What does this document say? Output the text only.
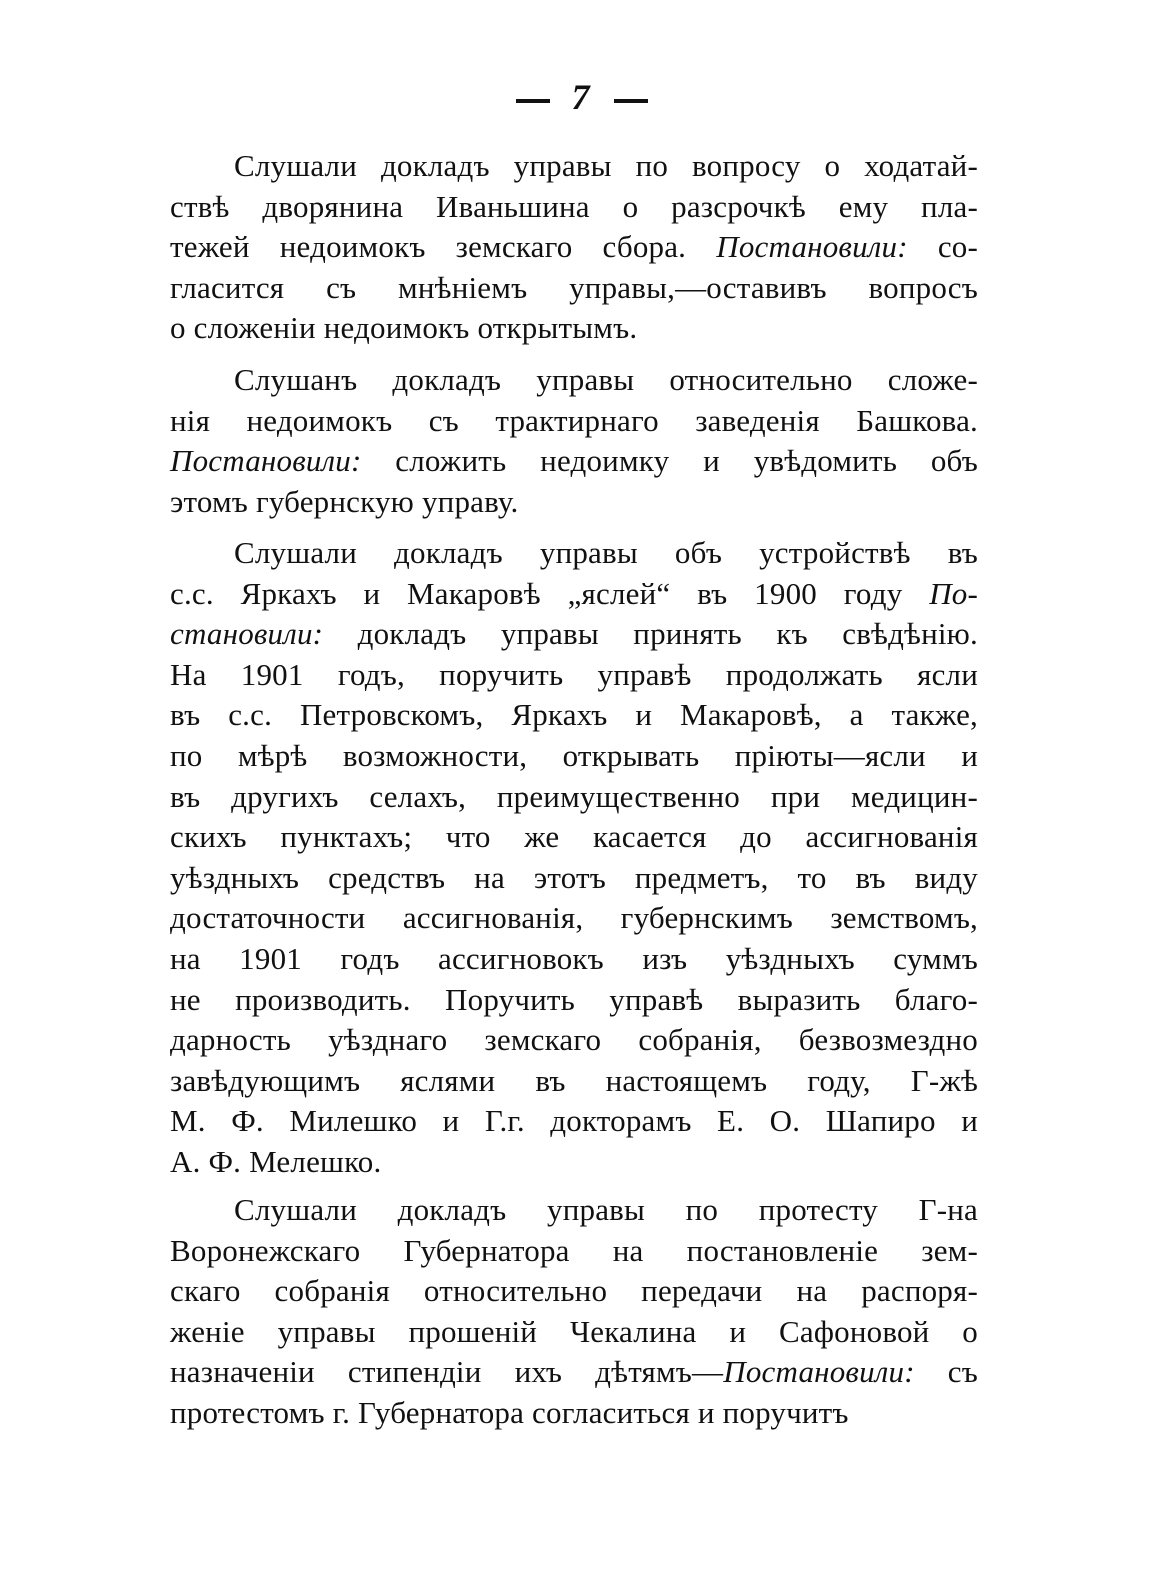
7
Слушали докладъ управы по вопросу о ходатай-
ствѣ дворянина Иваньшина о разсрочкѣ ему пла-
тежей недоимокъ земскаго сбора. Постановили: со-
гласится съ мнѣніемъ управы,—оставивъ вопросъ
о сложеніи недоимокъ открытымъ.
Слушанъ докладъ управы относительно сложе-
нія недоимокъ съ трактирнаго заведенія Башкова.
Постановили: сложить недоимку и увѣдомить объ
этомъ губернскую управу.
Слушали докладъ управы объ устройствѣ въ
с.с. Яркахъ и Макаровѣ „яслей“ въ 1900 году По-
становили: докладъ управы принять къ свѣдѣнію.
На 1901 годъ, поручить управѣ продолжать ясли
въ с.с. Петровскомъ, Яркахъ и Макаровѣ, а также,
по мѣрѣ возможности, открывать пріюты—ясли и
въ другихъ селахъ, преимущественно при медицин-
скихъ пунктахъ; что же касается до ассигнованія
уѣздныхъ средствъ на этотъ предметъ, то въ виду
достаточности ассигнованія, губернскимъ земствомъ,
на 1901 годъ ассигновокъ изъ уѣздныхъ суммъ
не производить. Поручить управѣ выразить благо-
дарность уѣзднаго земскаго собранія, безвозмездно
завѣдующимъ яслями въ настоящемъ году, Г-жѣ
М. Ф. Милешко и Г.г. докторамъ Е. О. Шапиро и
А. Ф. Мелешко.
Слушали докладъ управы по протесту Г-на
Воронежскаго Губернатора на постановленіе зем-
скаго собранія относительно передачи на распоря-
женіе управы прошеній Чекалина и Сафоновой о
назначеніи стипендіи ихъ дѣтямъ—Постановили: съ
протестомъ г. Губернатора согласиться и поручитъ
